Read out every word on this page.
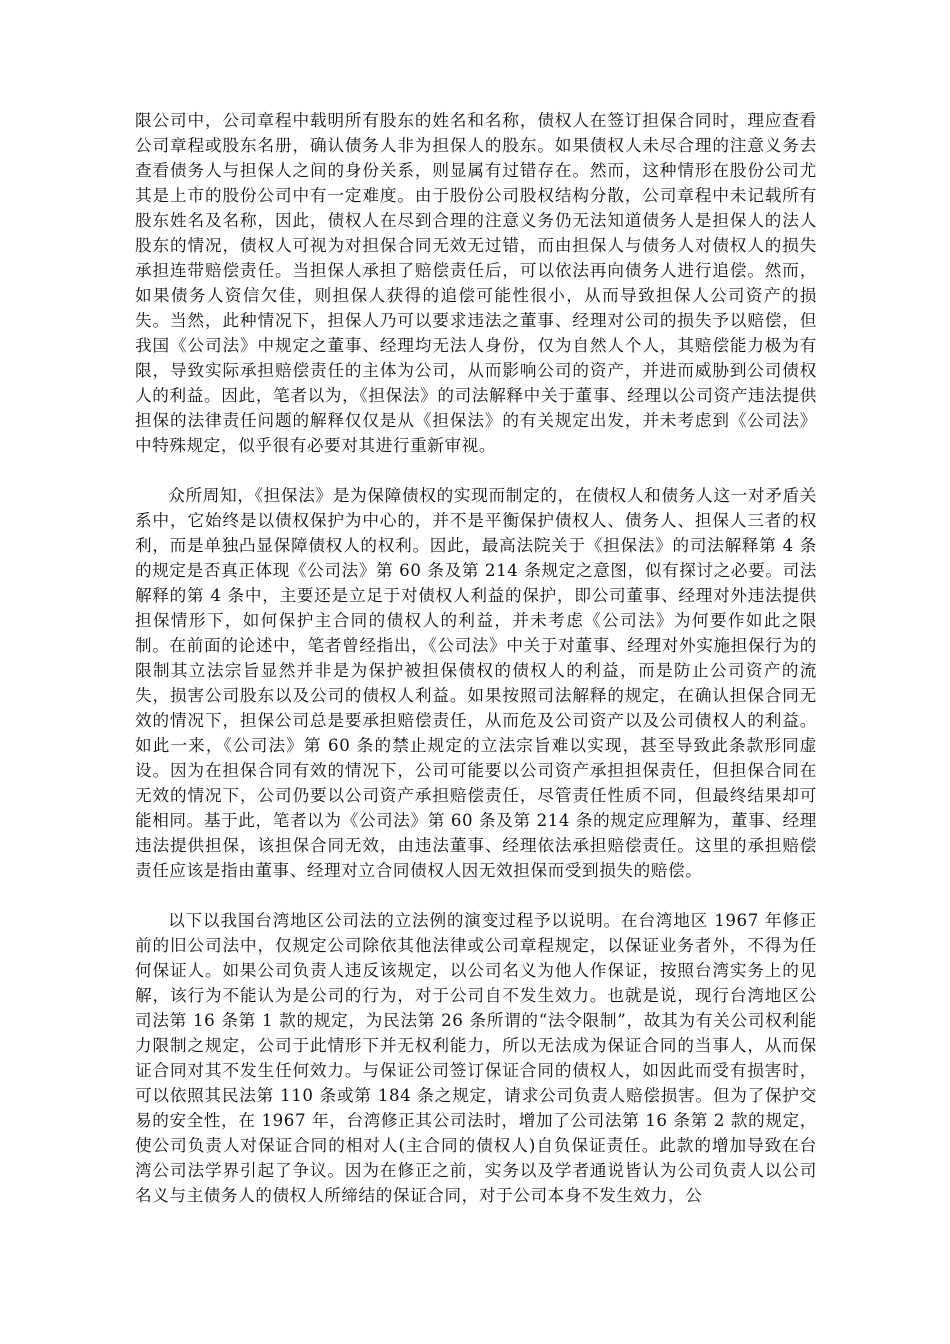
限公司中，公司章程中载明所有股东的姓名和名称，债权人在签订担保合同时，理应查看公司章程或股东名册，确认债务人非为担保人的股东。如果债权人未尽合理的注意义务去查看债务人与担保人之间的身份关系，则显属有过错存在。然而，这种情形在股份公司尤其是上市的股份公司中有一定难度。由于股份公司股权结构分散，公司章程中未记载所有股东姓名及名称，因此，债权人在尽到合理的注意义务仍无法知道债务人是担保人的法人股东的情况，债权人可视为对担保合同无效无过错，而由担保人与债务人对债权人的损失承担连带赔偿责任。当担保人承担了赔偿责任后，可以依法再向债务人进行追偿。然而，如果债务人资信欠佳，则担保人获得的追偿可能性很小，从而导致担保人公司资产的损失。当然，此种情况下，担保人乃可以要求违法之董事、经理对公司的损失予以赔偿，但我国《公司法》中规定之董事、经理均无法人身份，仅为自然人个人，其赔偿能力极为有限，导致实际承担赔偿责任的主体为公司，从而影响公司的资产，并进而威胁到公司债权人的利益。因此，笔者以为，《担保法》的司法解释中关于董事、经理以公司资产违法提供担保的法律责任问题的解释仅仅是从《担保法》的有关规定出发，并未考虑到《公司法》中特殊规定，似乎很有必要对其进行重新审视。

众所周知，《担保法》是为保障债权的实现而制定的，在债权人和债务人这一对矛盾关系中，它始终是以债权保护为中心的，并不是平衡保护债权人、债务人、担保人三者的权利，而是单独凸显保障债权人的权利。因此，最高法院关于《担保法》的司法解释第 4 条的规定是否真正体现《公司法》第 60 条及第 214 条规定之意图，似有探讨之必要。司法解释的第 4 条中，主要还是立足于对债权人利益的保护，即公司董事、经理对外违法提供担保情形下，如何保护主合同的债权人的利益，并未考虑《公司法》为何要作如此之限制。在前面的论述中，笔者曾经指出，《公司法》中关于对董事、经理对外实施担保行为的限制其立法宗旨显然并非是为保护被担保债权的债权人的利益，而是防止公司资产的流失，损害公司股东以及公司的债权人利益。如果按照司法解释的规定，在确认担保合同无效的情况下，担保公司总是要承担赔偿责任，从而危及公司资产以及公司债权人的利益。如此一来，《公司法》第 60 条的禁止规定的立法宗旨难以实现，甚至导致此条款形同虚设。因为在担保合同有效的情况下，公司可能要以公司资产承担担保责任，但担保合同在无效的情况下，公司仍要以公司资产承担赔偿责任，尽管责任性质不同，但最终结果却可能相同。基于此，笔者以为《公司法》第 60 条及第 214 条的规定应理解为，董事、经理违法提供担保，该担保合同无效，由违法董事、经理依法承担赔偿责任。这里的承担赔偿责任应该是指由董事、经理对立合同债权人因无效担保而受到损失的赔偿。

以下以我国台湾地区公司法的立法例的演变过程予以说明。在台湾地区 1967 年修正前的旧公司法中，仅规定公司除依其他法律或公司章程规定，以保证业务者外，不得为任何保证人。如果公司负责人违反该规定，以公司名义为他人作保证，按照台湾实务上的见解，该行为不能认为是公司的行为，对于公司自不发生效力。也就是说，现行台湾地区公司法第 16 条第 1 款的规定，为民法第 26 条所谓的“法令限制”，故其为有关公司权利能力限制之规定，公司于此情形下并无权利能力，所以无法成为保证合同的当事人，从而保证合同对其不发生任何效力。与保证公司签订保证合同的债权人，如因此而受有损害时，可以依照其民法第 110 条或第 184 条之规定，请求公司负责人赔偿损害。但为了保护交易的安全性，在 1967 年，台湾修正其公司法时，增加了公司法第 16 条第 2 款的规定，使公司负责人对保证合同的相对人(主合同的债权人)自负保证责任。此款的增加导致在台湾公司法学界引起了争议。因为在修正之前，实务以及学者通说皆认为公司负责人以公司名义与主债务人的债权人所缔结的保证合同，对于公司本身不发生效力，公
